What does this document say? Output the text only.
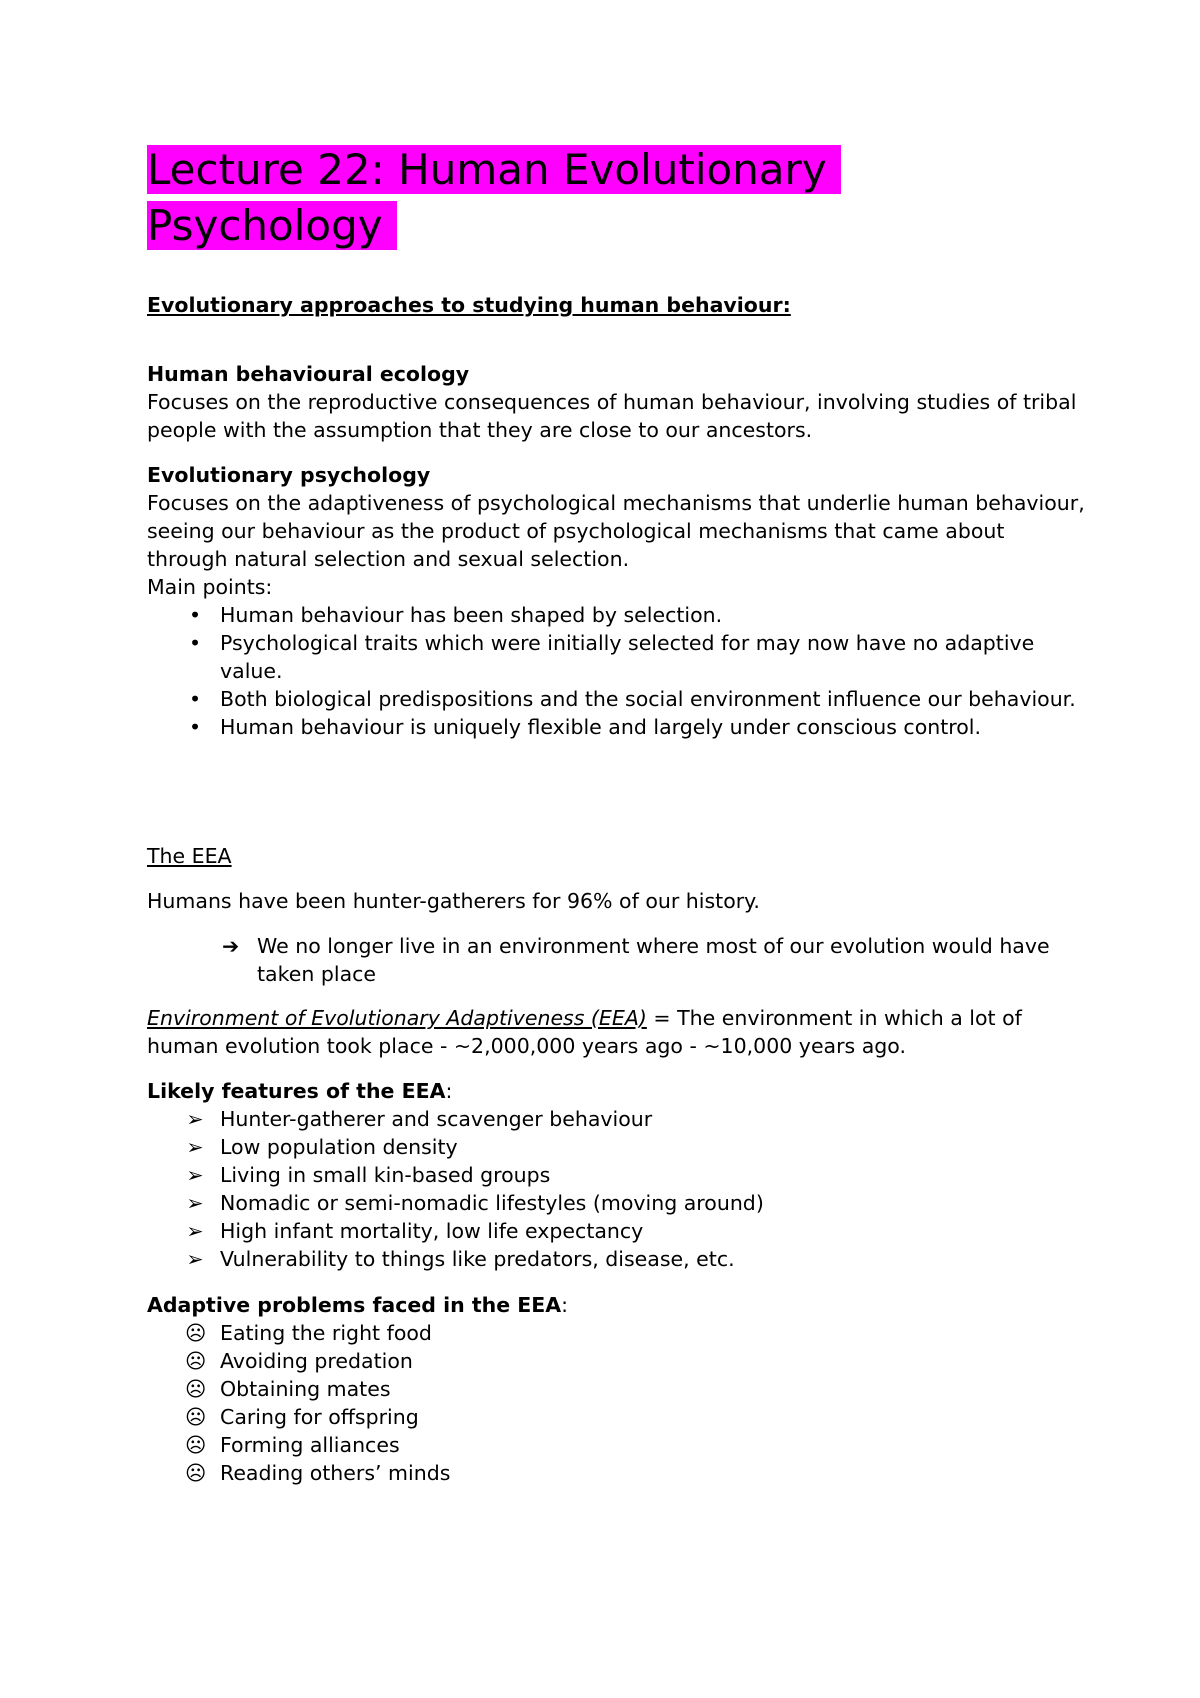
Lecture 22: Human Evolutionary Psychology
Evolutionary approaches to studying human behaviour:
Human behavioural ecology
Focuses on the reproductive consequences of human behaviour, involving studies of tribal people with the assumption that they are close to our ancestors.
Evolutionary psychology
Focuses on the adaptiveness of psychological mechanisms that underlie human behaviour, seeing our behaviour as the product of psychological mechanisms that came about through natural selection and sexual selection.
Main points:
• Human behaviour has been shaped by selection.
• Psychological traits which were initially selected for may now have no adaptive value.
• Both biological predispositions and the social environment influence our behaviour.
• Human behaviour is uniquely flexible and largely under conscious control.
The EEA
Humans have been hunter-gatherers for 96% of our history.
➔ We no longer live in an environment where most of our evolution would have taken place
Environment of Evolutionary Adaptiveness (EEA) = The environment in which a lot of human evolution took place - ~2,000,000 years ago - ~10,000 years ago.
Likely features of the EEA:
➢ Hunter-gatherer and scavenger behaviour
➢ Low population density
➢ Living in small kin-based groups
➢ Nomadic or semi-nomadic lifestyles (moving around)
➢ High infant mortality, low life expectancy
➢ Vulnerability to things like predators, disease, etc.
Adaptive problems faced in the EEA:
☹ Eating the right food
☹ Avoiding predation
☹ Obtaining mates
☹ Caring for offspring
☹ Forming alliances
☹ Reading others’ minds
